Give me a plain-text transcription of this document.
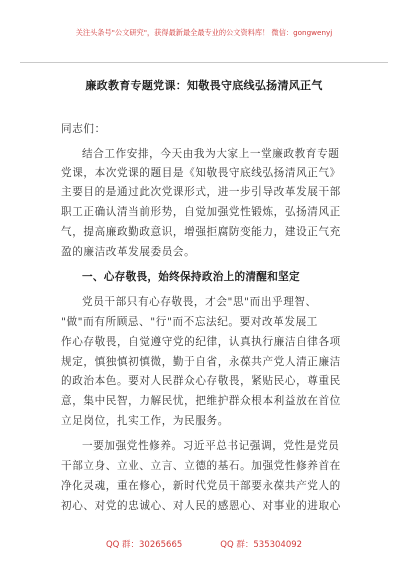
关注头条号"公文研究"，获得最新最全最专业的公文资料库！ 微信：gongwenyj
廉政教育专题党课：知敬畏守底线弘扬清风正气
同志们：
结合工作安排，今天由我为大家上一堂廉政教育专题
党课，本次党课的题目是《知敬畏守底线弘扬清风正气》
主要目的是通过此次党课形式，进一步引导改革发展干部
职工正确认清当前形势，自觉加强党性锻炼，弘扬清风正
气，提高廉政勤政意识，增强拒腐防变能力，建设正气充
盈的廉洁改革发展委员会。
一、心存敬畏，始终保持政治上的清醒和坚定
党员干部只有心存敬畏，才会"思"而出乎理智、
"做"而有所顾忌、"行"而不忘法纪。要对改革发展工
作心存敬畏，自觉遵守党的纪律，认真执行廉洁自律各项
规定，慎独慎初慎微，勤于自省，永葆共产党人清正廉洁
的政治本色。要对人民群众心存敬畏，紧贴民心，尊重民
意，集中民智，力解民忧，把维护群众根本利益放在首位
立足岗位，扎实工作，为民服务。
一要加强党性修养。习近平总书记强调，党性是党员
干部立身、立业、立言、立德的基石。加强党性修养首在
净化灵魂，重在修心，新时代党员干部要永葆共产党人的
初心、对党的忠诚心、对人民的感恩心、对事业的进取心
QQ 群：30265665	QQ 群：535304092
